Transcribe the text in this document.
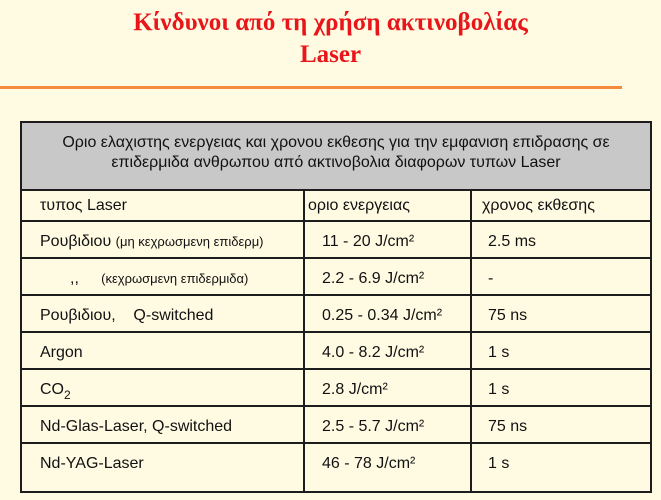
Κίνδυνοι από τη χρήση ακτινοβολίας
Laser
Οριο ελαχιστης ενεργειας και χρονου εκθεσης για την εμφανιση επιδρασης σε επιδερμιδα ανθρωπου από ακτινοβολια διαφορων τυπων Laser
τυπος Laser	οριο ενεργειας	χρονος εκθεσης
Ρουβιδιου (μη κεχρωσμενη επιδερμ)	11 - 20 J/cm²	2.5 ms
,, (κεχρωσμενη επιδερμιδα)	2.2 - 6.9 J/cm²	-
Ρουβιδιου, Q-switched	0.25 - 0.34 J/cm²	75 ns
Argon	4.0 - 8.2 J/cm²	1 s
$CO_2$	2.8 J/cm²	1 s
Nd-Glas-Laser, Q-switched	2.5 - 5.7 J/cm²	75 ns
Nd-YAG-Laser	46 - 78 J/cm²	1 s
